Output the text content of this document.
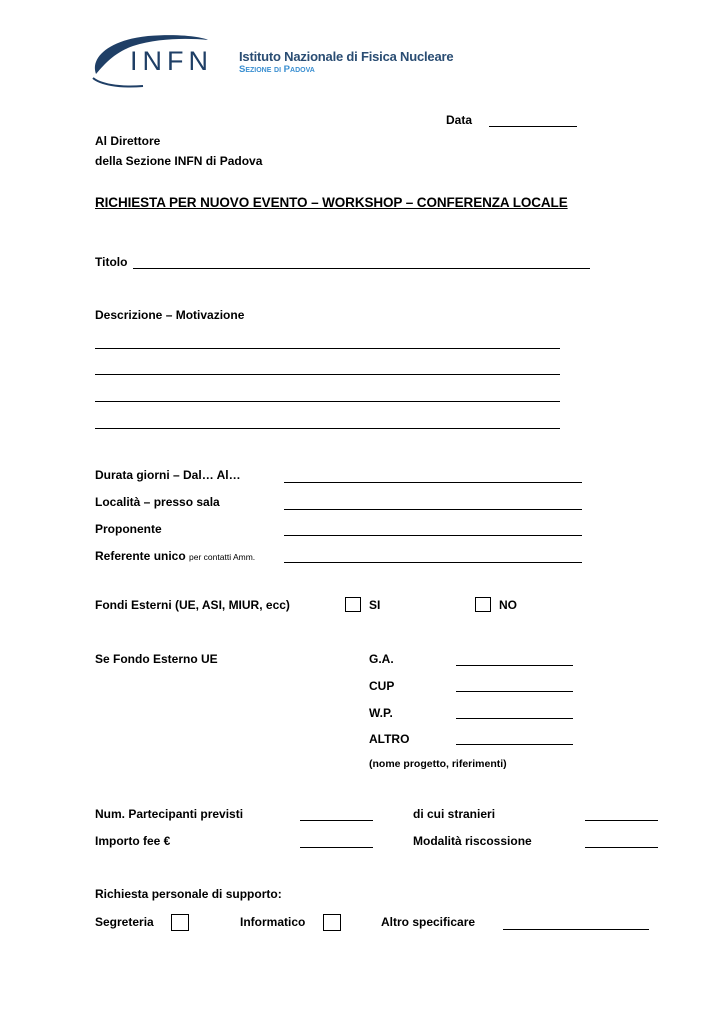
INFN Istituto Nazionale di Fisica Nucleare
Sezione di Padova
Data
Al Direttore
della Sezione INFN di Padova
RICHIESTA PER NUOVO EVENTO – WORKSHOP – CONFERENZA LOCALE
Titolo
Descrizione – Motivazione
Durata giorni – Dal… Al…
Località – presso sala
Proponente
Referente unico per contatti Amm.
Fondi Esterni (UE, ASI, MIUR, ecc)	SI	NO
Se Fondo Esterno UE	G.A.
CUP
W.P.
ALTRO
(nome progetto, riferimenti)
Num. Partecipanti previsti	di cui stranieri
Importo fee €	Modalità riscossione
Richiesta personale di supporto:
Segreteria	Informatico	Altro specificare
